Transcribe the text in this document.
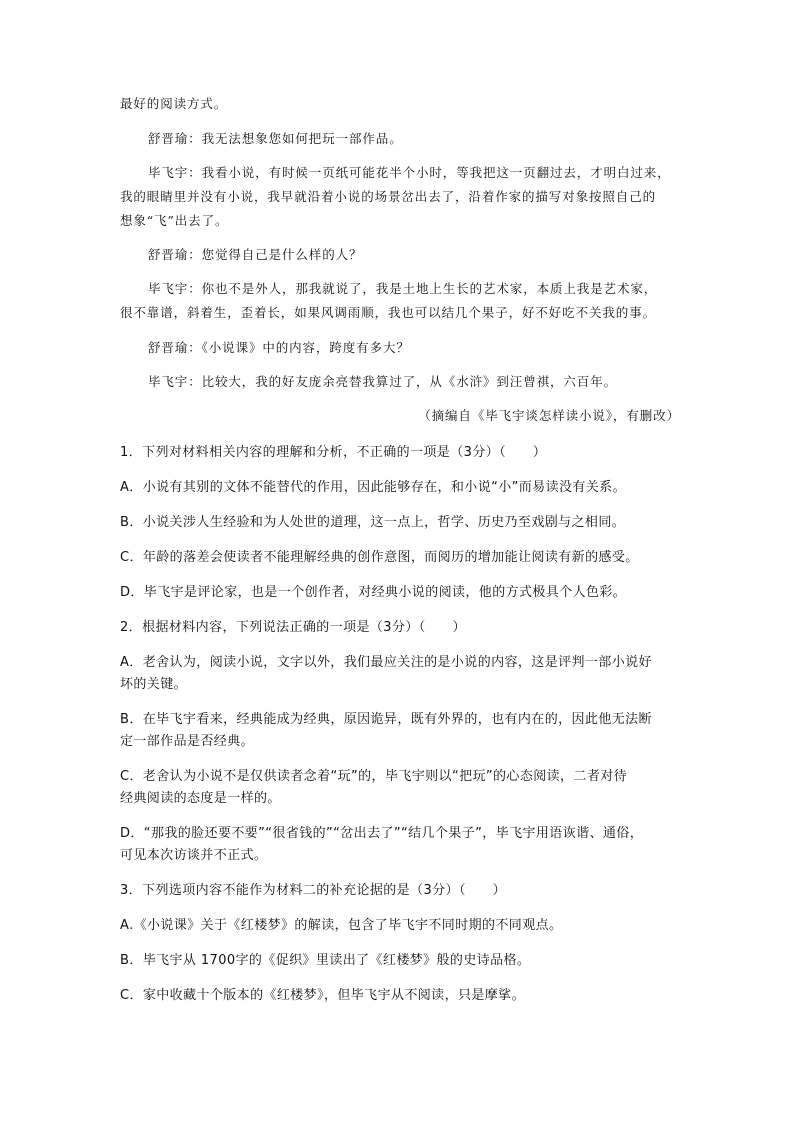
最好的阅读方式。
舒晋瑜：我无法想象您如何把玩一部作品。
毕飞宇：我看小说，有时候一页纸可能花半个小时，等我把这一页翻过去，才明白过来，
我的眼睛里并没有小说，我早就沿着小说的场景岔出去了，沿着作家的描写对象按照自己的
想象“飞”出去了。
舒晋瑜：您觉得自己是什么样的人？
毕飞宇：你也不是外人，那我就说了，我是土地上生长的艺术家，本质上我是艺术家，
很不靠谱，斜着生，歪着长，如果风调雨顺，我也可以结几个果子，好不好吃不关我的事。
舒晋瑜：《小说课》中的内容，跨度有多大？
毕飞宇：比较大，我的好友庞余亮替我算过了，从《水浒》到汪曾祺，六百年。
（摘编自《毕飞宇谈怎样读小说》，有删改）
1．下列对材料相关内容的理解和分析，不正确的一项是（3分）（　　）
A．小说有其别的文体不能替代的作用，因此能够存在，和小说“小”而易读没有关系。
B．小说关涉人生经验和为人处世的道理，这一点上，哲学、历史乃至戏剧与之相同。
C．年龄的落差会使读者不能理解经典的创作意图，而阅历的增加能让阅读有新的感受。
D．毕飞宇是评论家，也是一个创作者，对经典小说的阅读，他的方式极具个人色彩。
2．根据材料内容，下列说法正确的一项是（3分）（　　）
A．老舍认为，阅读小说，文字以外，我们最应关注的是小说的内容，这是评判一部小说好
坏的关键。
B．在毕飞宇看来，经典能成为经典，原因诡异，既有外界的，也有内在的，因此他无法断
定一部作品是否经典。
C．老舍认为小说不是仅供读者念着“玩”的，毕飞宇则以“把玩”的心态阅读，二者对待
经典阅读的态度是一样的。
D．“那我的脸还要不要”“很省钱的”“岔出去了”“结几个果子”，毕飞宇用语诙谐、通俗，
可见本次访谈并不正式。
3．下列选项内容不能作为材料二的补充论据的是（3分）（　　）
A.《小说课》关于《红楼梦》的解读，包含了毕飞宇不同时期的不同观点。
B．毕飞宇从 1700字的《促织》里读出了《红楼梦》般的史诗品格。
C．家中收藏十个版本的《红楼梦》，但毕飞宇从不阅读，只是摩挲。
